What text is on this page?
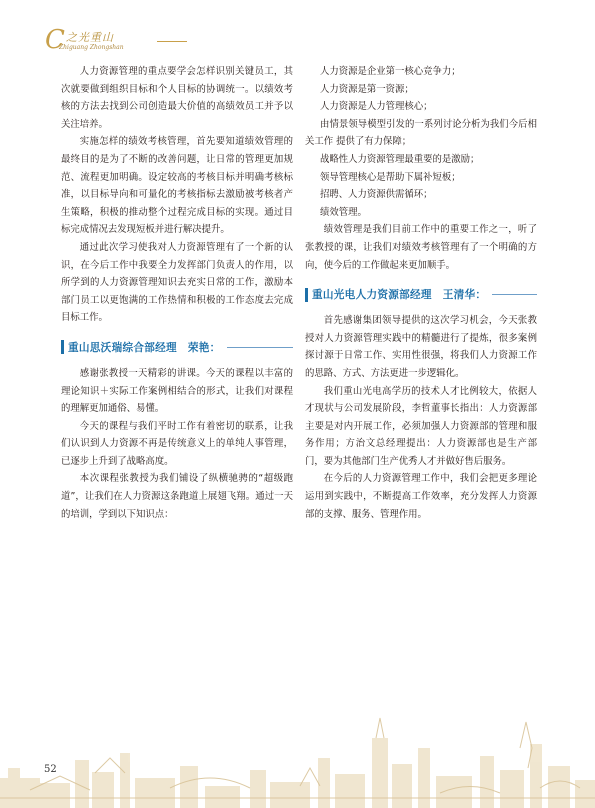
C 之光重山
Zhiguang Zhongshan

人力资源管理的重点要学会怎样识别关键员工，其次就要做到组织目标和个人目标的协调统一。以绩效考核的方法去找到公司创造最大价值的高绩效员工并予以关注培养。

实施怎样的绩效考核管理，首先要知道绩效管理的最终目的是为了不断的改善问题，让日常的管理更加规范、流程更加明确。设定较高的考核目标并明确考核标准，以目标导向和可量化的考核指标去激励被考核者产生策略，积极的推动整个过程完成目标的实现。通过目标完成情况去发现短板并进行解决提升。

通过此次学习使我对人力资源管理有了一个新的认识，在今后工作中我要全力发挥部门负责人的作用，以所学到的人力资源管理知识去充实日常的工作，激励本部门员工以更饱满的工作热情和积极的工作态度去完成目标工作。

重山思沃瑞综合部经理　荣艳：

感谢张教授一天精彩的讲课。今天的课程以丰富的理论知识＋实际工作案例相结合的形式，让我们对课程的理解更加通俗、易懂。

今天的课程与我们平时工作有着密切的联系，让我们认识到人力资源不再是传统意义上的单纯人事管理，已逐步上升到了战略高度。

本次课程张教授为我们铺设了纵横驰骋的“超级跑道”，让我们在人力资源这条跑道上展翅飞翔。通过一天的培训，学到以下知识点：

人力资源是企业第一核心竞争力；

人力资源是第一资源；

人力资源是人力管理核心；

由情景领导模型引发的一系列讨论分析为我们今后相关工作 提供了有力保障；

战略性人力资源管理最重要的是激励；

领导管理核心是帮助下属补短板；

招聘、人力资源供需循环；

绩效管理。

绩效管理是我们目前工作中的重要工作之一，听了张教授的课，让我们对绩效考核管理有了一个明确的方向，使今后的工作做起来更加顺手。

重山光电人力资源部经理　王清华：

首先感谢集团领导提供的这次学习机会，今天张教授对人力资源管理实践中的精髓进行了提炼，很多案例探讨源于日常工作、实用性很强，将我们人力资源工作的思路、方式、方法更进一步逻辑化。

我们重山光电高学历的技术人才比例较大，依据人才现状与公司发展阶段，李哲董事长指出：人力资源部主要是对内开展工作，必须加强人力资源部的管理和服务作用；方治文总经理提出：人力资源部也是生产部门，要为其他部门生产优秀人才并做好售后服务。

在今后的人力资源管理工作中，我们会把更多理论运用到实践中，不断提高工作效率，充分发挥人力资源部的支撑、服务、管理作用。

52
